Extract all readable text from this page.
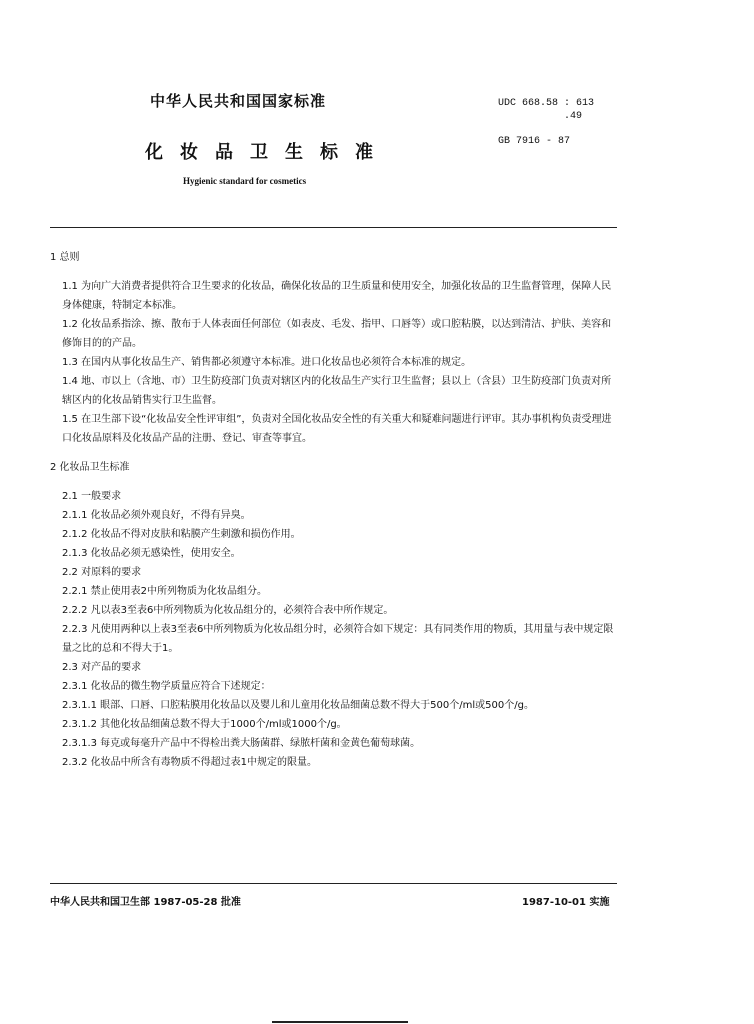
中华人民共和国国家标准
化妆品卫生标准
Hygienic standard for cosmetics
UDC 668.58 : 613
.49
GB 7916 - 87

1 总则

1.1 为向广大消费者提供符合卫生要求的化妆品，确保化妆品的卫生质量和使用安全，加强化妆品的卫生监督管理，保障人民身体健康，特制定本标准。

1.2 化妆品系指涂、擦、散布于人体表面任何部位（如表皮、毛发、指甲、口唇等）或口腔粘膜，以达到清洁、护肤、美容和修饰目的的产品。

1.3 在国内从事化妆品生产、销售都必须遵守本标准。进口化妆品也必须符合本标准的规定。

1.4 地、市以上（含地、市）卫生防疫部门负责对辖区内的化妆品生产实行卫生监督；县以上（含县）卫生防疫部门负责对所辖区内的化妆品销售实行卫生监督。

1.5 在卫生部下设“化妆品安全性评审组”，负责对全国化妆品安全性的有关重大和疑难问题进行评审。其办事机构负责受理进口化妆品原料及化妆品产品的注册、登记、审查等事宜。

2 化妆品卫生标准

2.1 一般要求

2.1.1 化妆品必须外观良好，不得有异臭。

2.1.2 化妆品不得对皮肤和粘膜产生刺激和损伤作用。

2.1.3 化妆品必须无感染性，使用安全。

2.2 对原料的要求

2.2.1 禁止使用表2中所列物质为化妆品组分。

2.2.2 凡以表3至表6中所列物质为化妆品组分的，必须符合表中所作规定。

2.2.3 凡使用两种以上表3至表6中所列物质为化妆品组分时，必须符合如下规定：具有同类作用的物质，其用量与表中规定限量之比的总和不得大于1。

2.3 对产品的要求

2.3.1 化妆品的微生物学质量应符合下述规定：

2.3.1.1 眼部、口唇、口腔粘膜用化妆品以及婴儿和儿童用化妆品细菌总数不得大于500个/ml或500个/g。

2.3.1.2 其他化妆品细菌总数不得大于1000个/ml或1000个/g。

2.3.1.3 每克或每毫升产品中不得检出粪大肠菌群、绿脓杆菌和金黄色葡萄球菌。

2.3.2 化妆品中所含有毒物质不得超过表1中规定的限量。

中华人民共和国卫生部 1987-05-28 批准	1987-10-01 实施
